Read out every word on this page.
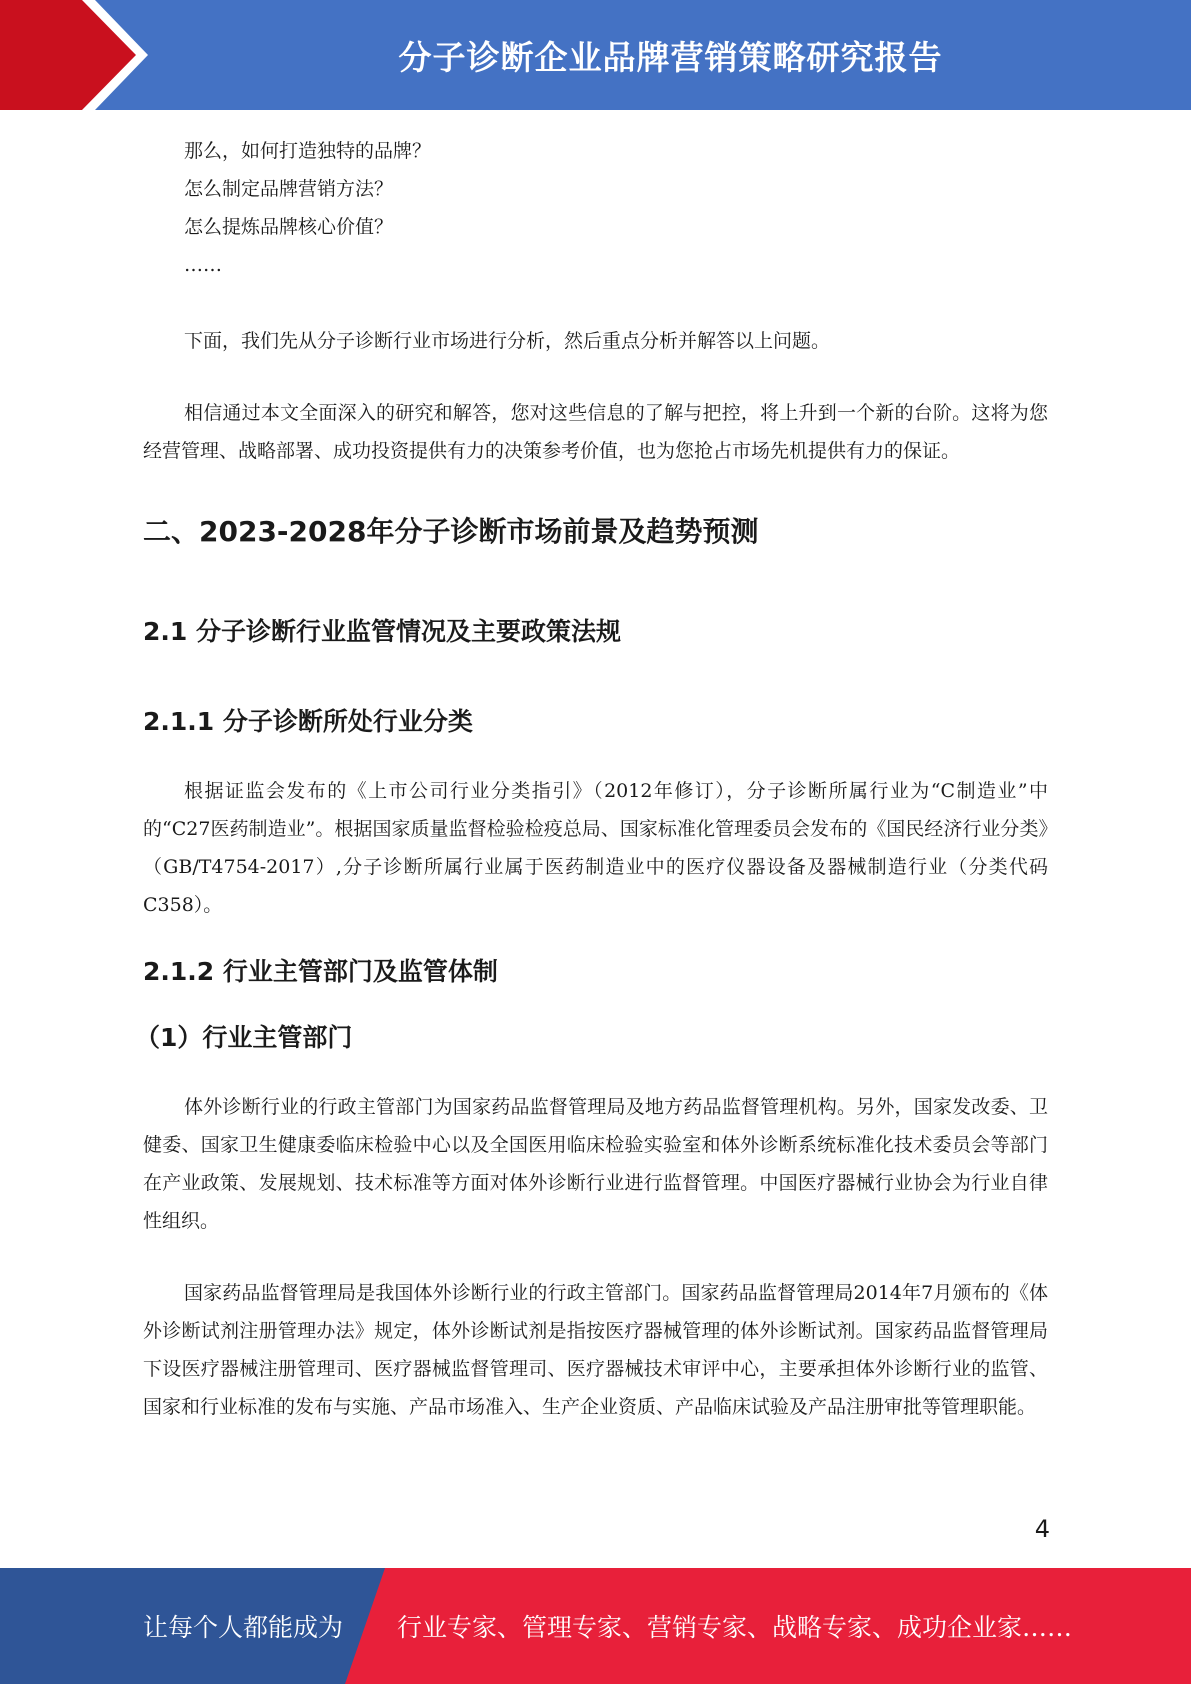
分子诊断企业品牌营销策略研究报告

那么，如何打造独特的品牌？

怎么制定品牌营销方法？

怎么提炼品牌核心价值？

……

下面，我们先从分子诊断行业市场进行分析，然后重点分析并解答以上问题。

相信通过本文全面深入的研究和解答，您对这些信息的了解与把控，将上升到一个新的台阶。这将为您经营管理、战略部署、成功投资提供有力的决策参考价值，也为您抢占市场先机提供有力的保证。

二、2023-2028年分子诊断市场前景及趋势预测
2.1 分子诊断行业监管情况及主要政策法规
2.1.1 分子诊断所处行业分类

根据证监会发布的《上市公司行业分类指引》（2012年修订），分子诊断所属行业为“C制造业”中的“C27医药制造业”。根据国家质量监督检验检疫总局、国家标准化管理委员会发布的《国民经济行业分类》（GB/T4754-2017）,分子诊断所属行业属于医药制造业中的医疗仪器设备及器械制造行业（分类代码C358）。

2.1.2 行业主管部门及监管体制
（1）行业主管部门

体外诊断行业的行政主管部门为国家药品监督管理局及地方药品监督管理机构。另外，国家发改委、卫健委、国家卫生健康委临床检验中心以及全国医用临床检验实验室和体外诊断系统标准化技术委员会等部门在产业政策、发展规划、技术标准等方面对体外诊断行业进行监督管理。中国医疗器械行业协会为行业自律性组织。

国家药品监督管理局是我国体外诊断行业的行政主管部门。国家药品监督管理局2014年7月颁布的《体外诊断试剂注册管理办法》规定，体外诊断试剂是指按医疗器械管理的体外诊断试剂。国家药品监督管理局下设医疗器械注册管理司、医疗器械监督管理司、医疗器械技术审评中心，主要承担体外诊断行业的监管、国家和行业标准的发布与实施、产品市场准入、生产企业资质、产品临床试验及产品注册审批等管理职能。

4
让每个人都能成为 行业专家、管理专家、营销专家、战略专家、成功企业家……
